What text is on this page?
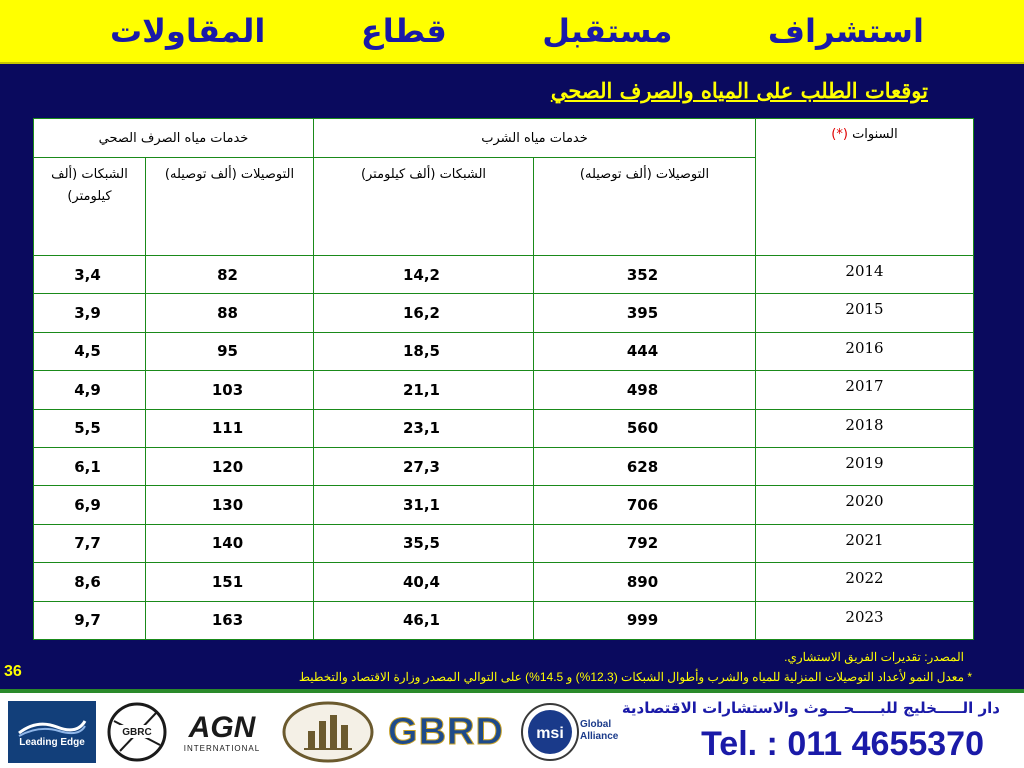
استشراف
مستقبل
قطاع
المقاولات
توقعات الطلب على المياه والصرف الصحي
السنوات (*)	خدمات مياه الشرب		خدمات مياه الصرف الصحي	
	التوصيلات (ألف توصيله)	الشبكات (ألف كيلومتر)	التوصيلات (ألف توصيله)	الشبكات (ألف كيلومتر)
2014	352	14,2	82	3,4

2015	395	16,2	88	3,9

2016	444	18,5	95	4,5

2017	498	21,1	103	4,9

2018	560	23,1	111	5,5

2019	628	27,3	120	6,1

2020	706	31,1	130	6,9

2021	792	35,5	140	7,7

2022	890	40,4	151	8,6

2023	999	46,1	163	9,7
المصدر: تقديرات الفريق الاستشاري.
* معدل النمو لأعداد التوصيلات المنزلية للمياه والشرب وأطوال الشبكات (12.3%) و 14.5%) على التوالي المصدر وزارة الاقتصاد والتخطيط
36
Leading Edge
GBRC AGN
INTERNATIONAL	GBRD msi
Global
Alliance
دار الـــــخليج للبـــــحـــوث والاستشارات الاقتصادية
Tel. : 011 4655370
